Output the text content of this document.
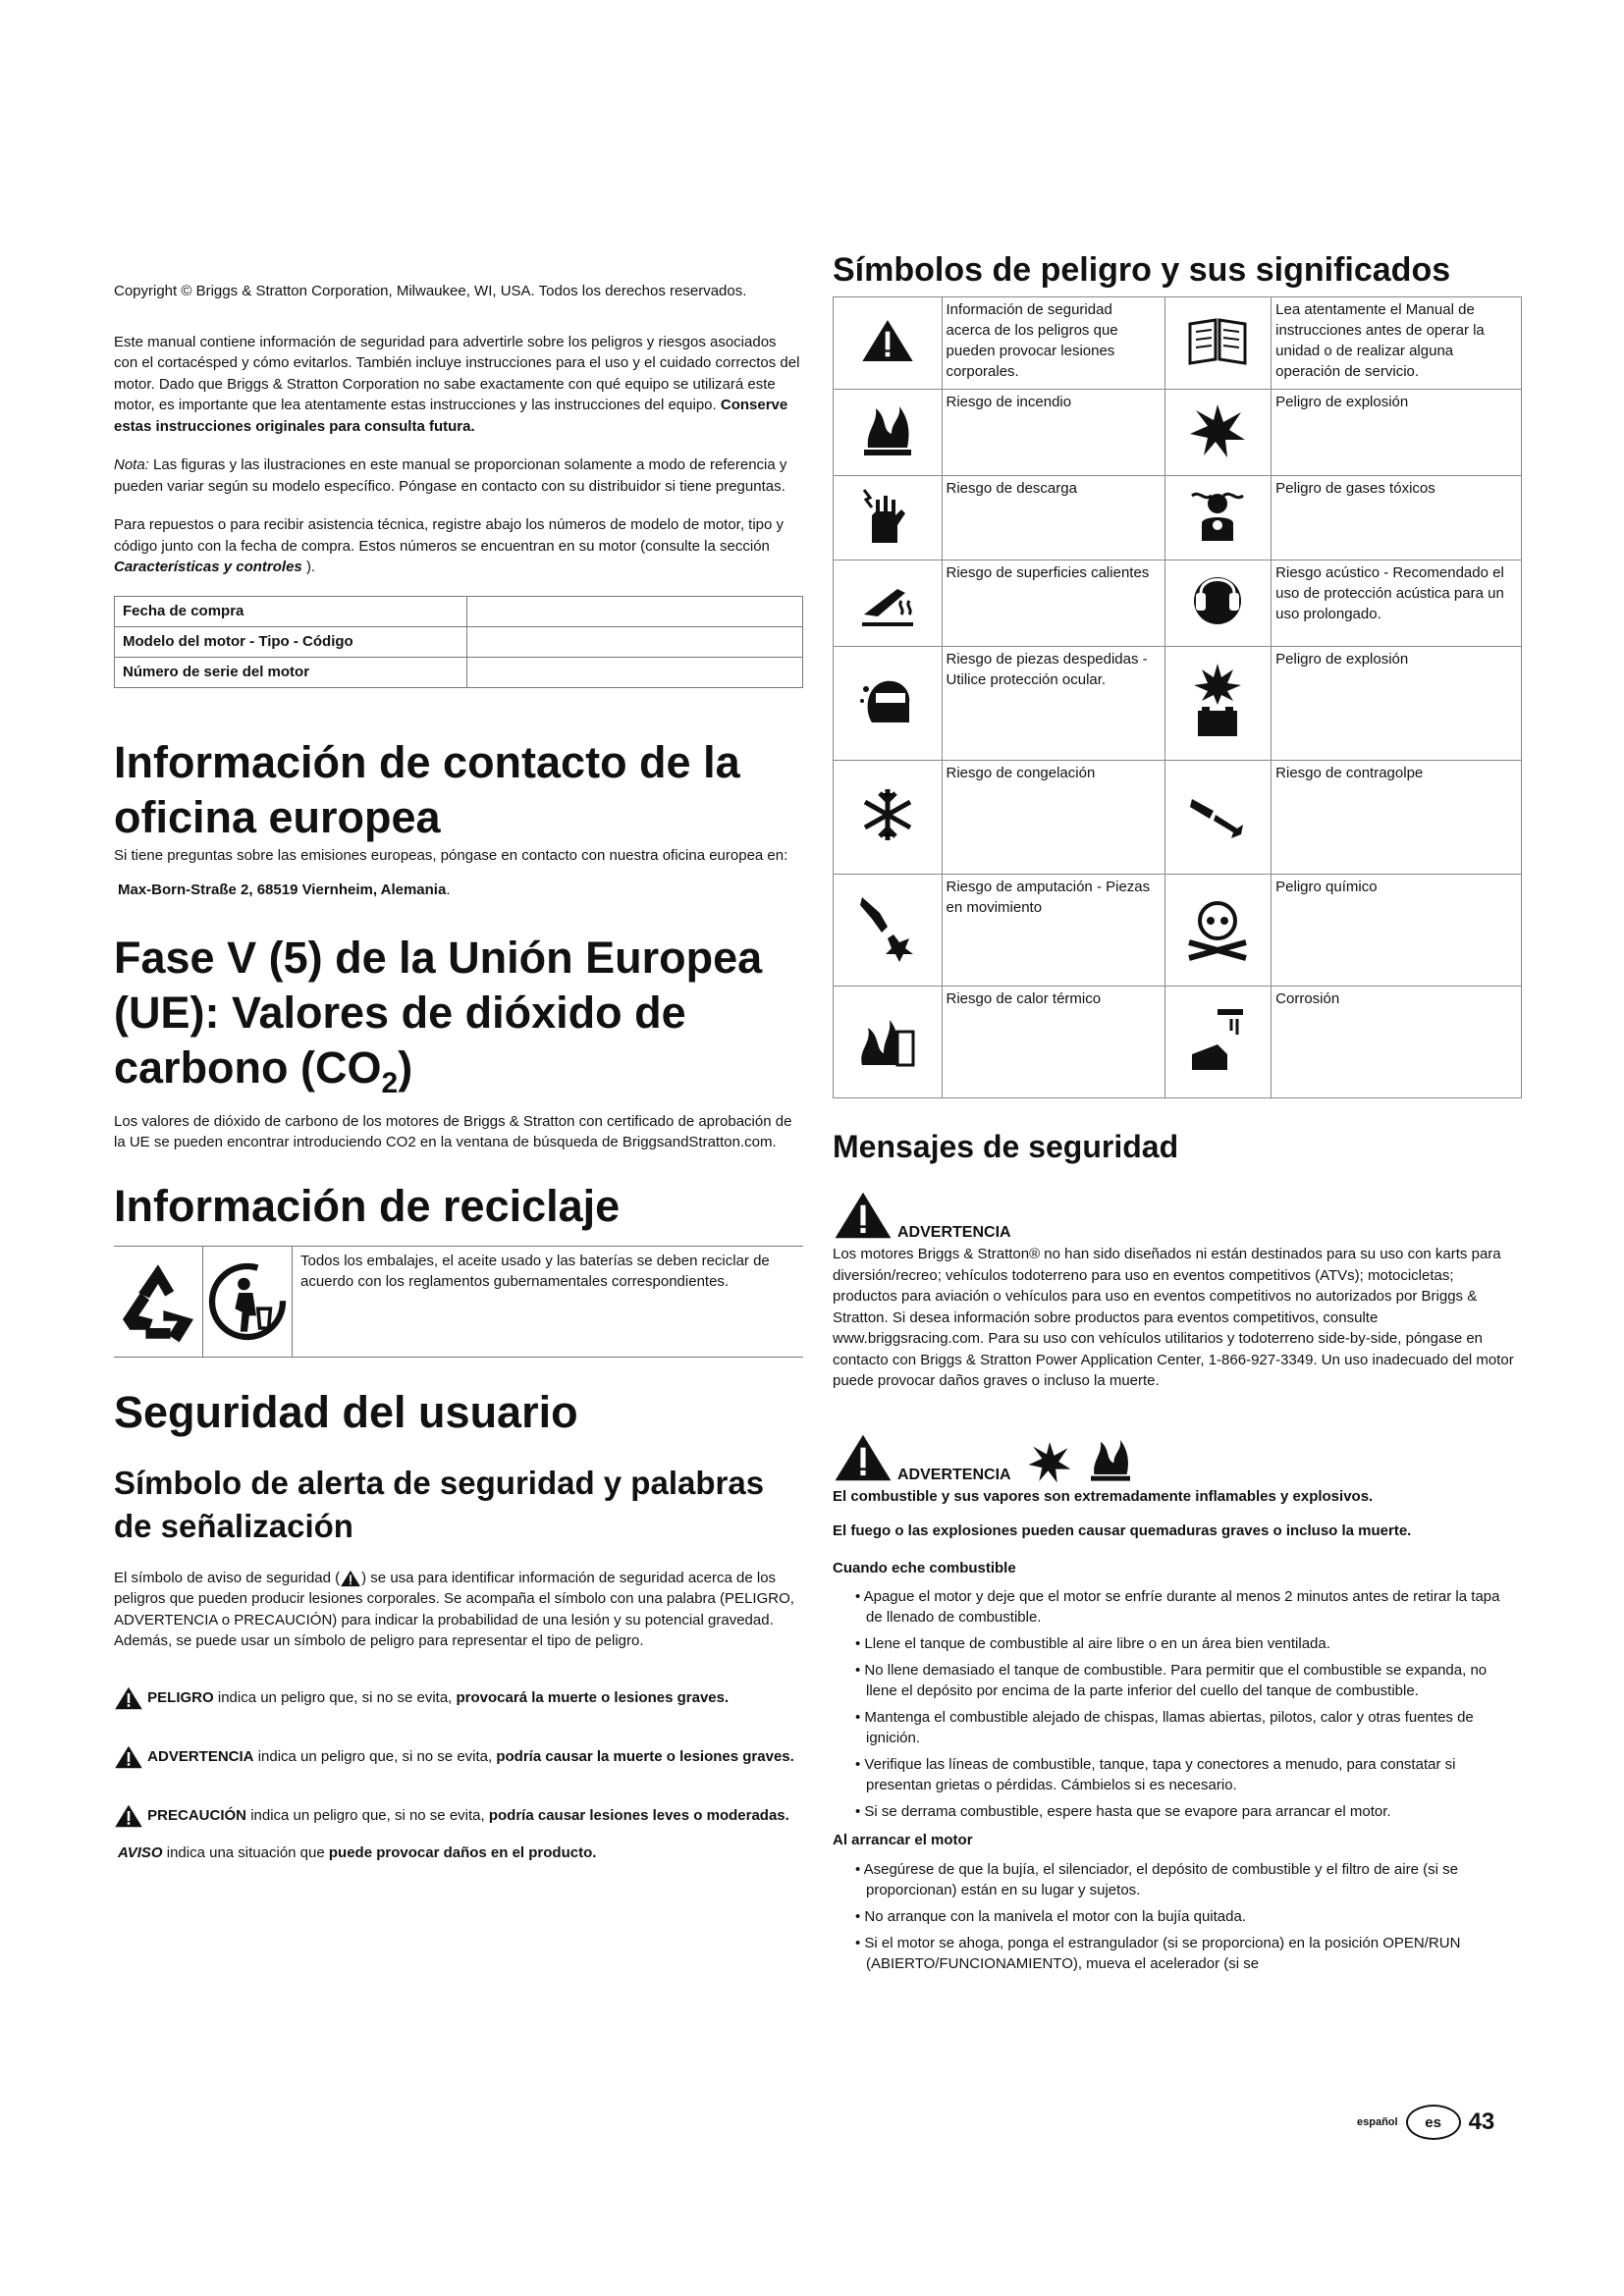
Copyright © Briggs & Stratton Corporation, Milwaukee, WI, USA. Todos los derechos reservados.

Este manual contiene información de seguridad para advertirle sobre los peligros y riesgos asociados con el cortacésped y cómo evitarlos. También incluye instrucciones para el uso y el cuidado correctos del motor. Dado que Briggs & Stratton Corporation no sabe exactamente con qué equipo se utilizará este motor, es importante que lea atentamente estas instrucciones y las instrucciones del equipo. Conserve estas instrucciones originales para consulta futura.

Nota: Las figuras y las ilustraciones en este manual se proporcionan solamente a modo de referencia y pueden variar según su modelo específico. Póngase en contacto con su distribuidor si tiene preguntas.

Para repuestos o para recibir asistencia técnica, registre abajo los números de modelo de motor, tipo y código junto con la fecha de compra. Estos números se encuentran en su motor (consulte la sección Características y controles ).

Fecha de compra	
Modelo del motor - Tipo - Código	
Número de serie del motor	
Información de contacto de la oficina europea

Si tiene preguntas sobre las emisiones europeas, póngase en contacto con nuestra oficina europea en:

Max-Born-Straße 2, 68519 Viernheim, Alemania.

Fase V (5) de la Unión Europea (UE): Valores de dióxido de carbono $(CO_2)$

Los valores de dióxido de carbono de los motores de Briggs & Stratton con certificado de aprobación de la UE se pueden encontrar introduciendo CO2 en la ventana de búsqueda de BriggsandStratton.com.

Información de reciclaje
Todos los embalajes, el aceite usado y las baterías se deben reciclar de acuerdo con los reglamentos gubernamentales correspondientes.
Seguridad del usuario
Símbolo de alerta de seguridad y palabras de señalización

El símbolo de aviso de seguridad ( ) se usa para identificar información de seguridad acerca de los peligros que pueden producir lesiones corporales. Se acompaña el símbolo con una palabra (PELIGRO, ADVERTENCIA o PRECAUCIÓN) para indicar la probabilidad de una lesión y su potencial gravedad. Además, se puede usar un símbolo de peligro para representar el tipo de peligro.

PELIGRO indica un peligro que, si no se evita, provocará la muerte o lesiones graves.

ADVERTENCIA indica un peligro que, si no se evita, podría causar la muerte o lesiones graves.

PRECAUCIÓN indica un peligro que, si no se evita, podría causar lesiones leves o moderadas.

AVISO indica una situación que puede provocar daños en el producto.

Símbolos de peligro y sus significados
	Información de seguridad acerca de los peligros que pueden provocar lesiones corporales.		Lea atentamente el Manual de instrucciones antes de operar la unidad o de realizar alguna operación de servicio.
	Riesgo de incendio		Peligro de explosión
	Riesgo de descarga		Peligro de gases tóxicos
	Riesgo de superficies calientes		Riesgo acústico - Recomendado el uso de protección acústica para un uso prolongado.
	Riesgo de piezas despedidas - Utilice protección ocular.		Peligro de explosión
	Riesgo de congelación		Riesgo de contragolpe
	Riesgo de amputación - Piezas en movimiento		Peligro químico
	Riesgo de calor térmico		Corrosión
Mensajes de seguridad
ADVERTENCIA

Los motores Briggs & Stratton® no han sido diseñados ni están destinados para su uso con karts para diversión/recreo; vehículos todoterreno para uso en eventos competitivos (ATVs); motocicletas; productos para aviación o vehículos para uso en eventos competitivos no autorizados por Briggs & Stratton. Si desea información sobre productos para eventos competitivos, consulte www.briggsracing.com. Para su uso con vehículos utilitarios y todoterreno side-by-side, póngase en contacto con Briggs & Stratton Power Application Center, 1-866-927-3349. Un uso inadecuado del motor puede provocar daños graves o incluso la muerte.

ADVERTENCIA

El combustible y sus vapores son extremadamente inflamables y explosivos.

El fuego o las explosiones pueden causar quemaduras graves o incluso la muerte.

Cuando eche combustible

• Apague el motor y deje que el motor se enfríe durante al menos 2 minutos antes de retirar la tapa de llenado de combustible.
• Llene el tanque de combustible al aire libre o en un área bien ventilada.
• No llene demasiado el tanque de combustible. Para permitir que el combustible se expanda, no llene el depósito por encima de la parte inferior del cuello del tanque de combustible.
• Mantenga el combustible alejado de chispas, llamas abiertas, pilotos, calor y otras fuentes de ignición.
• Verifique las líneas de combustible, tanque, tapa y conectores a menudo, para constatar si presentan grietas o pérdidas. Cámbielos si es necesario.
• Si se derrama combustible, espere hasta que se evapore para arrancar el motor.

Al arrancar el motor

• Asegúrese de que la bujía, el silenciador, el depósito de combustible y el filtro de aire (si se proporcionan) están en su lugar y sujetos.
• No arranque con la manivela el motor con la bujía quitada.
• Si el motor se ahoga, ponga el estrangulador (si se proporciona) en la posición OPEN/RUN (ABIERTO/FUNCIONAMIENTO), mueva el acelerador (si se
español	es	43
